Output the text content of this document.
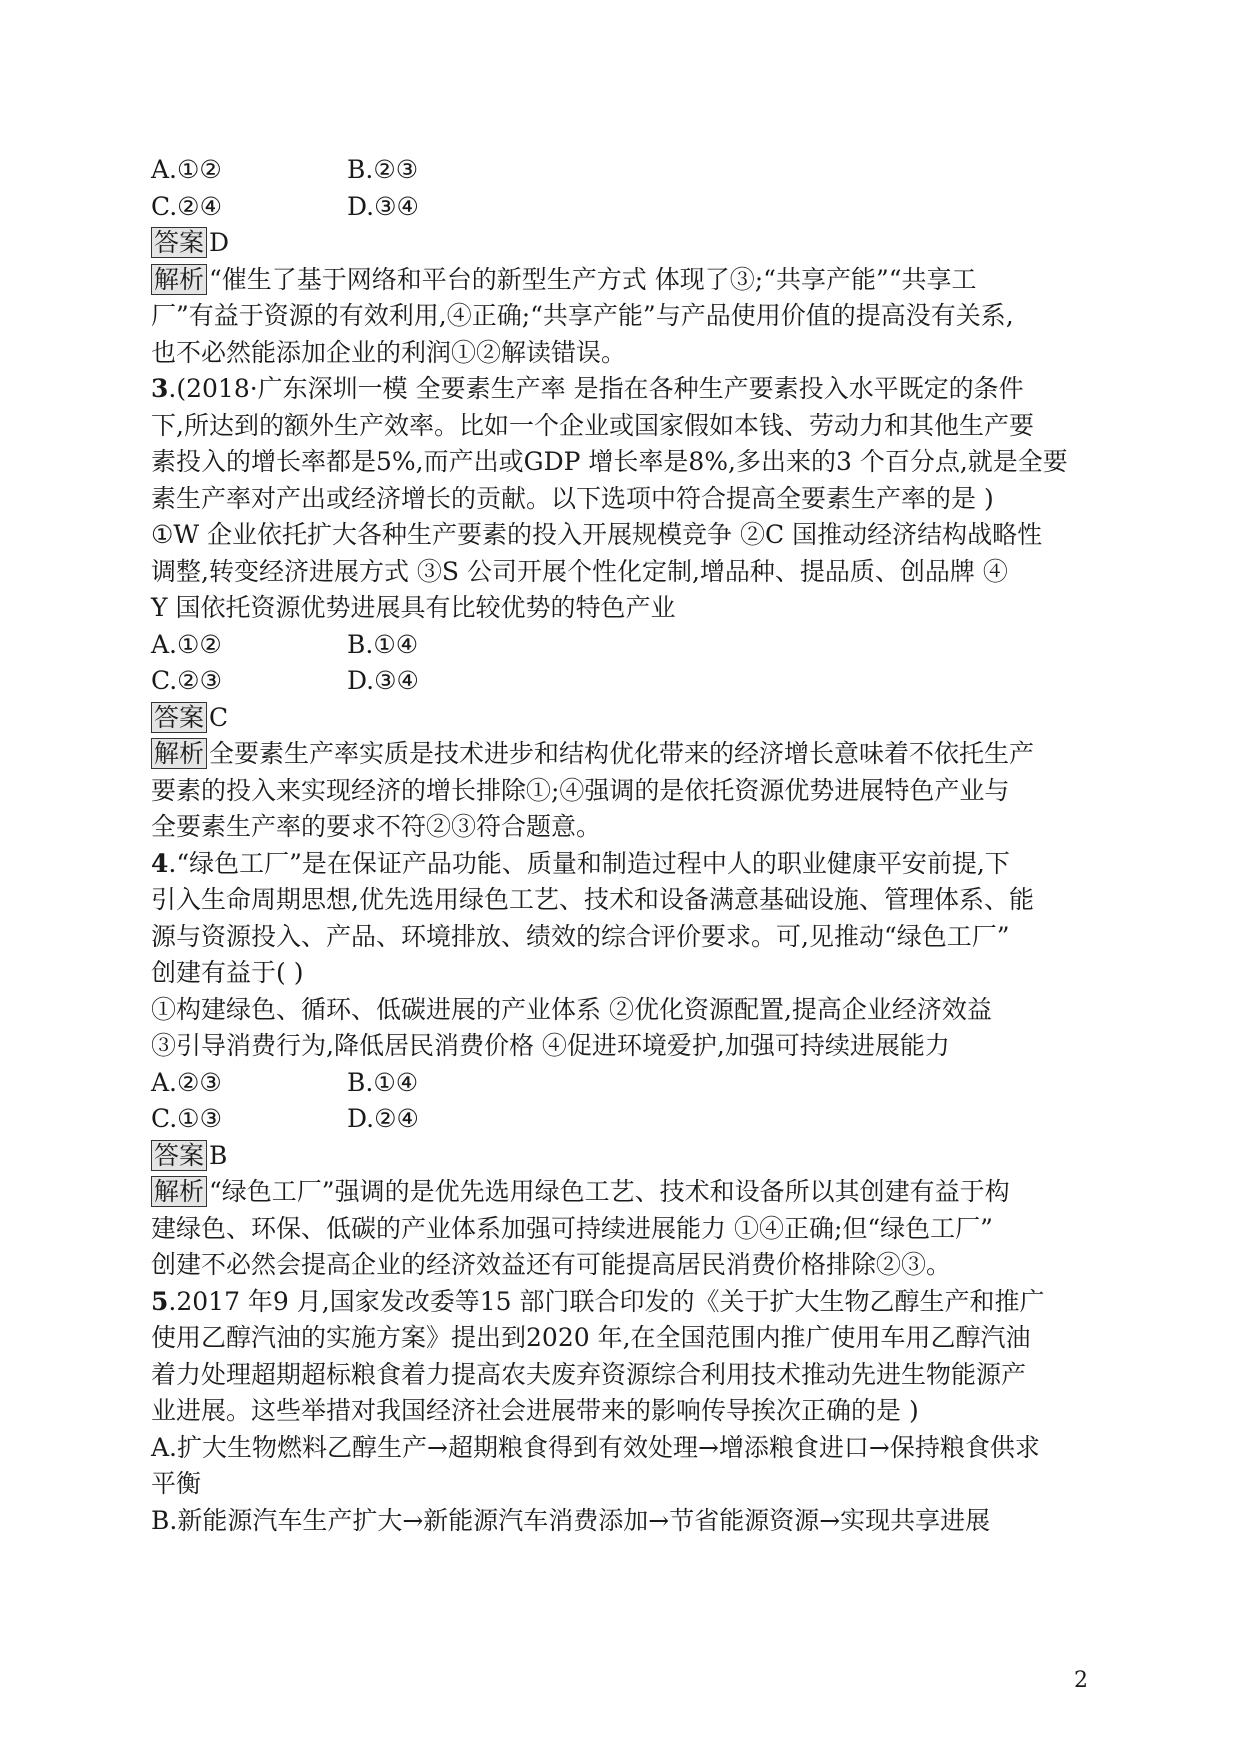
A.①②	B.②③
C.②④	D.③④
答案 D
解析 “催生了基于网络和平台的新型生产方式 体现了③;“共享产能”“共享工
厂”有益于资源的有效利用,④正确;“共享产能”与产品使用价值的提高没有关系,
也不必然能添加企业的利润①②解读错误。
3.(2018·广东深圳一模 全要素生产率 是指在各种生产要素投入水平既定的条件
下,所达到的额外生产效率。比如一个企业或国家假如本钱、劳动力和其他生产要
素投入的增长率都是5%,而产出或GDP 增长率是8%,多出来的3 个百分点,就是全要
素生产率对产出或经济增长的贡献。以下选项中符合提高全要素生产率的是 )
①W 企业依托扩大各种生产要素的投入开展规模竞争 ②C 国推动经济结构战略性
调整,转变经济进展方式 ③S 公司开展个性化定制,增品种、提品质、创品牌 ④
Y 国依托资源优势进展具有比较优势的特色产业
A.①②	B.①④
C.②③	D.③④
答案 C
解析 全要素生产率实质是技术进步和结构优化带来的经济增长意味着不依托生产
要素的投入来实现经济的增长排除①;④强调的是依托资源优势进展特色产业与
全要素生产率的要求不符②③符合题意。
4.“绿色工厂”是在保证产品功能、质量和制造过程中人的职业健康平安前提,下
引入生命周期思想,优先选用绿色工艺、技术和设备满意基础设施、管理体系、能
源与资源投入、产品、环境排放、绩效的综合评价要求。可,见推动“绿色工厂”
创建有益于( )
①构建绿色、循环、低碳进展的产业体系 ②优化资源配置,提高企业经济效益
③引导消费行为,降低居民消费价格 ④促进环境爱护,加强可持续进展能力
A.②③	B.①④
C.①③	D.②④
答案 B
解析 “绿色工厂”强调的是优先选用绿色工艺、技术和设备所以其创建有益于构
建绿色、环保、低碳的产业体系加强可持续进展能力 ①④正确;但“绿色工厂”
创建不必然会提高企业的经济效益还有可能提高居民消费价格排除②③。
5.2017 年9 月,国家发改委等15 部门联合印发的《关于扩大生物乙醇生产和推广
使用乙醇汽油的实施方案》提出到2020 年,在全国范围内推广使用车用乙醇汽油
着力处理超期超标粮食着力提高农夫废弃资源综合利用技术推动先进生物能源产
业进展。这些举措对我国经济社会进展带来的影响传导挨次正确的是 )
A.扩大生物燃料乙醇生产→超期粮食得到有效处理→增添粮食进口→保持粮食供求
平衡
B.新能源汽车生产扩大→新能源汽车消费添加→节省能源资源→实现共享进展
2
